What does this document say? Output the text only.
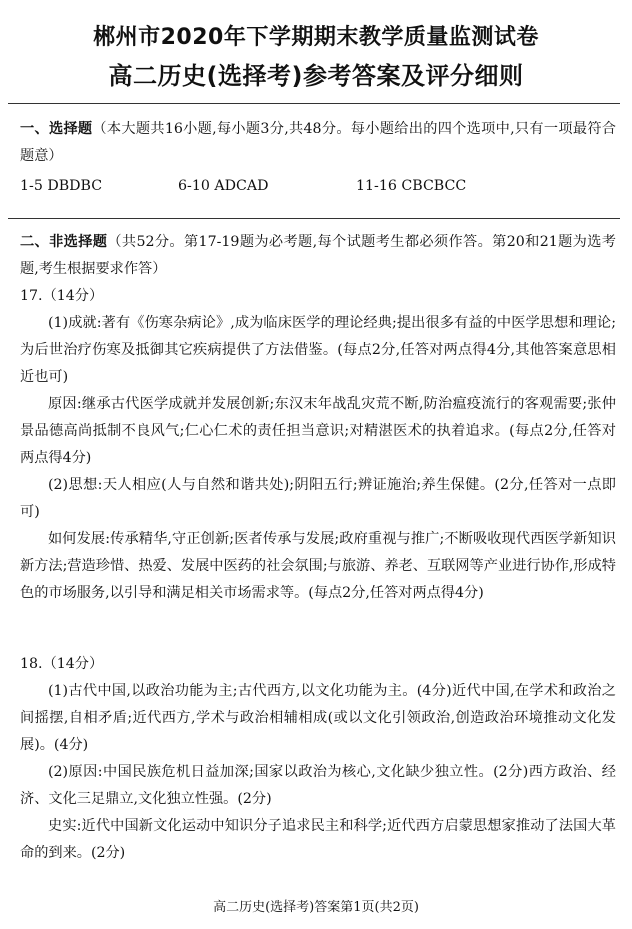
郴州市2020年下学期期末教学质量监测试卷
高二历史(选择考)参考答案及评分细则

一、选择题（本大题共16小题,每小题3分,共48分。每小题给出的四个选项中,只有一项最符合题意）

1-5 DBDBC	6-10 ADCAD	11-16 CBCBCC

二、非选择题（共52分。第17-19题为必考题,每个试题考生都必须作答。第20和21题为选考题,考生根据要求作答）

17.（14分）

(1)成就:著有《伤寒杂病论》,成为临床医学的理论经典;提出很多有益的中医学思想和理论;为后世治疗伤寒及抵御其它疾病提供了方法借鉴。(每点2分,任答对两点得4分,其他答案意思相近也可)

原因:继承古代医学成就并发展创新;东汉末年战乱灾荒不断,防治瘟疫流行的客观需要;张仲景品德高尚抵制不良风气;仁心仁术的责任担当意识;对精湛医术的执着追求。(每点2分,任答对两点得4分)

(2)思想:天人相应(人与自然和谐共处);阴阳五行;辨证施治;养生保健。(2分,任答对一点即可)

如何发展:传承精华,守正创新;医者传承与发展;政府重视与推广;不断吸收现代西医学新知识新方法;营造珍惜、热爱、发展中医药的社会氛围;与旅游、养老、互联网等产业进行协作,形成特色的市场服务,以引导和满足相关市场需求等。(每点2分,任答对两点得4分)

18.（14分）

(1)古代中国,以政治功能为主;古代西方,以文化功能为主。(4分)近代中国,在学术和政治之间摇摆,自相矛盾;近代西方,学术与政治相辅相成(或以文化引领政治,创造政治环境推动文化发展)。(4分)

(2)原因:中国民族危机日益加深;国家以政治为核心,文化缺少独立性。(2分)西方政治、经济、文化三足鼎立,文化独立性强。(2分)

史实:近代中国新文化运动中知识分子追求民主和科学;近代西方启蒙思想家推动了法国大革命的到来。(2分)

高二历史(选择考)答案第1页(共2页)
